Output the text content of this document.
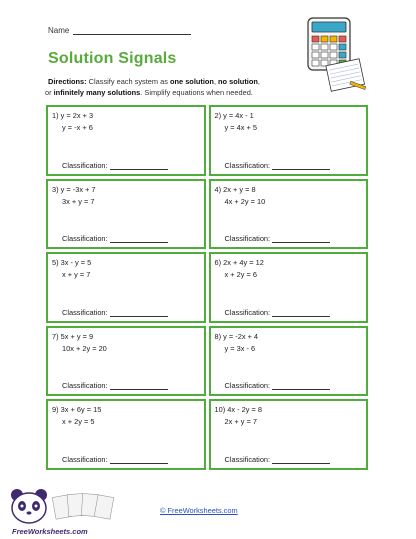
Name
Solution Signals
Directions: Classify each system as one solution, no solution,
or infinitely many solutions. Simplify equations when needed.
1) y = 2x + 3
y = -x + 6
Classification:
2) y = 4x - 1
y = 4x + 5
Classification:
3) y = -3x + 7
3x + y = 7
Classification:
4) 2x + y = 8
4x + 2y = 10
Classification:
5) 3x - y = 5
x + y = 7
Classification:
6) 2x + 4y = 12
x + 2y = 6
Classification:
7) 5x + y = 9
10x + 2y = 20
Classification:
8) y = -2x + 4
y = 3x - 6
Classification:
9) 3x + 6y = 15
x + 2y = 5
Classification:
10) 4x - 2y = 8
2x + y = 7
Classification:
© FreeWorksheets.com
FreeWorksheets.com
